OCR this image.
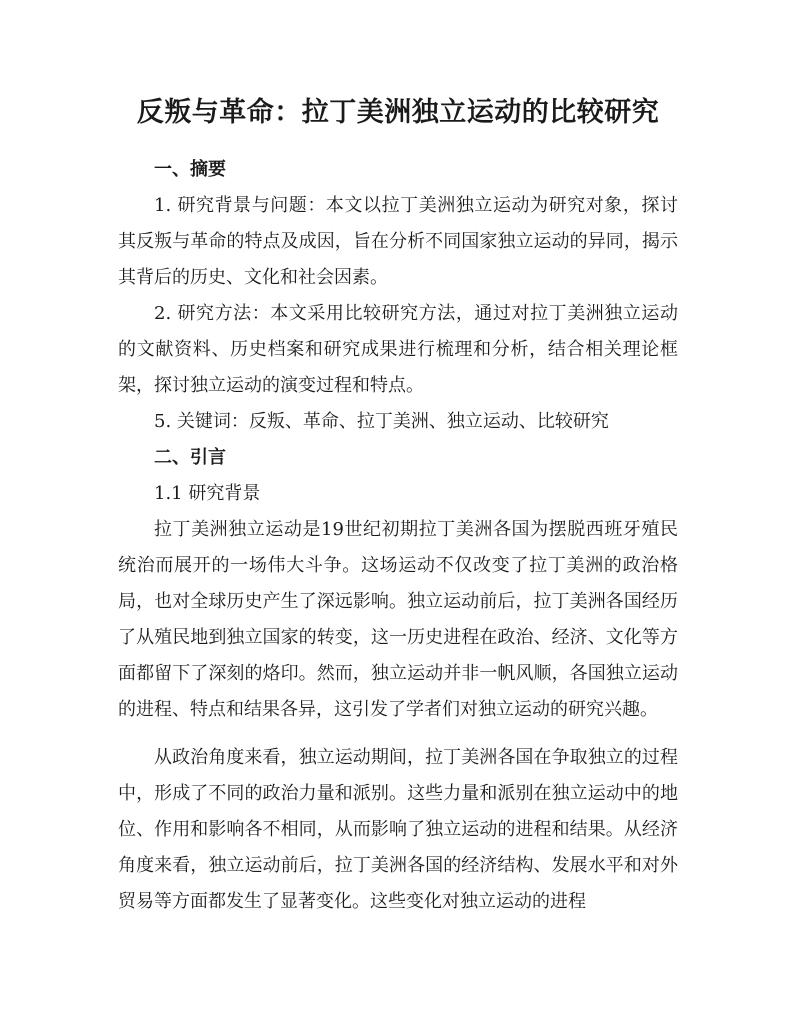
反叛与革命：拉丁美洲独立运动的比较研究
一、摘要

1. 研究背景与问题：本文以拉丁美洲独立运动为研究对象，探讨其反叛与革命的特点及成因，旨在分析不同国家独立运动的异同，揭示其背后的历史、文化和社会因素。

2. 研究方法：本文采用比较研究方法，通过对拉丁美洲独立运动的文献资料、历史档案和研究成果进行梳理和分析，结合相关理论框架，探讨独立运动的演变过程和特点。

5. 关键词：反叛、革命、拉丁美洲、独立运动、比较研究

二、引言

1.1 研究背景

拉丁美洲独立运动是19世纪初期拉丁美洲各国为摆脱西班牙殖民统治而展开的一场伟大斗争。这场运动不仅改变了拉丁美洲的政治格局，也对全球历史产生了深远影响。独立运动前后，拉丁美洲各国经历了从殖民地到独立国家的转变，这一历史进程在政治、经济、文化等方面都留下了深刻的烙印。然而，独立运动并非一帆风顺，各国独立运动的进程、特点和结果各异，这引发了学者们对独立运动的研究兴趣。

从政治角度来看，独立运动期间，拉丁美洲各国在争取独立的过程中，形成了不同的政治力量和派别。这些力量和派别在独立运动中的地位、作用和影响各不相同，从而影响了独立运动的进程和结果。从经济角度来看，独立运动前后，拉丁美洲各国的经济结构、发展水平和对外贸易等方面都发生了显著变化。这些变化对独立运动的进程
